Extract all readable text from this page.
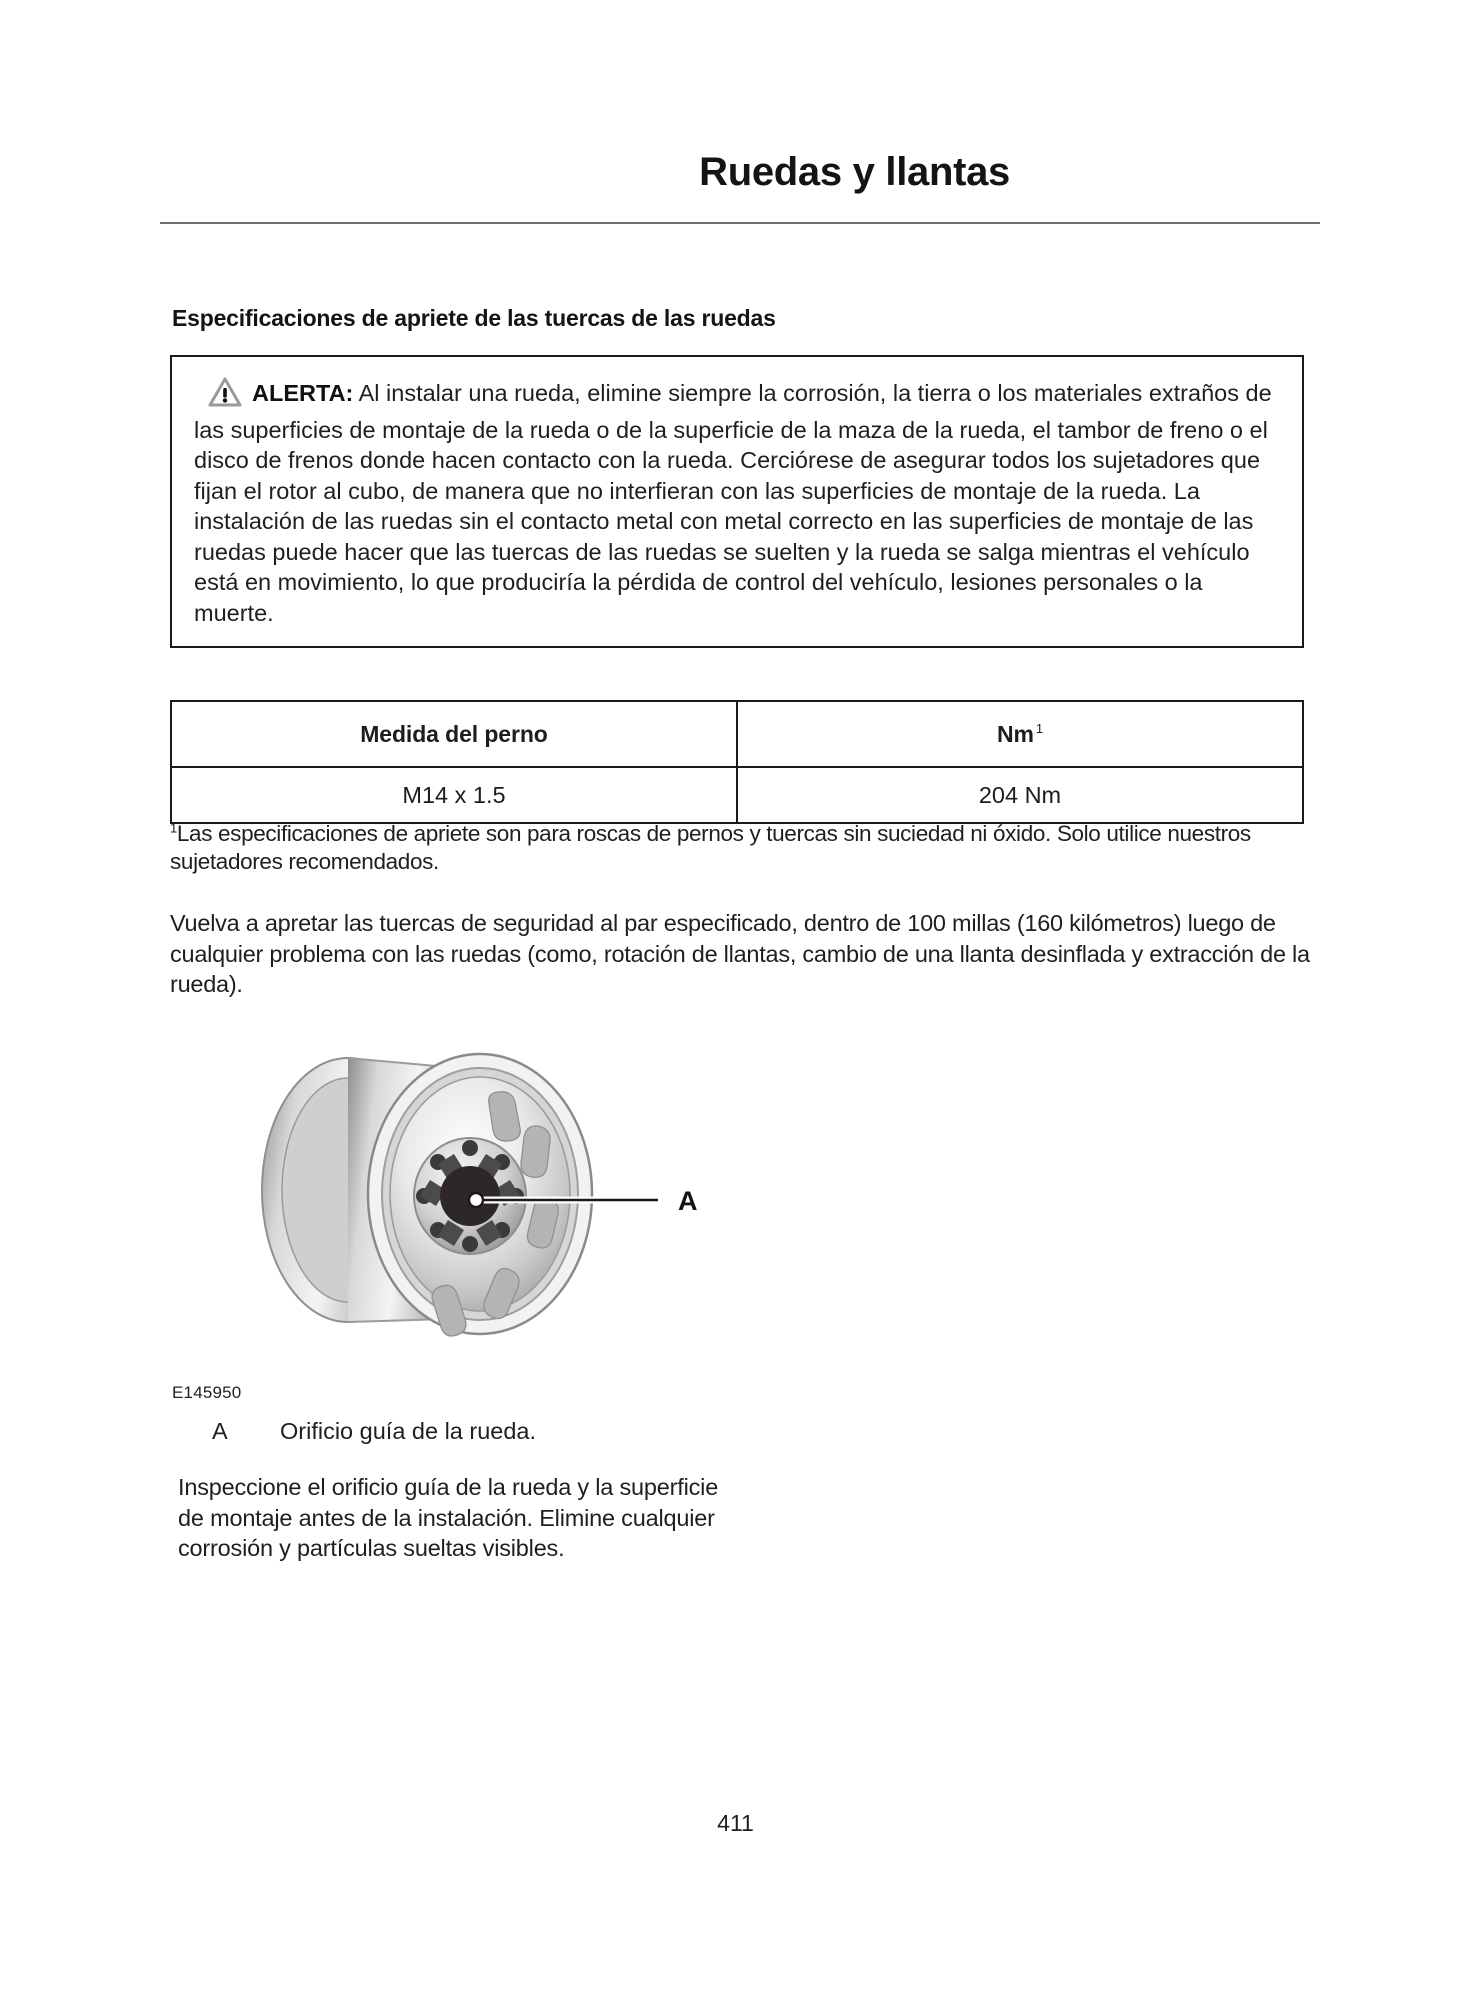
Ruedas y llantas
Especificaciones de apriete de las tuercas de las ruedas

ALERTA: Al instalar una rueda, elimine siempre la corrosión, la tierra o los materiales extraños de las superficies de montaje de la rueda o de la superficie de la maza de la rueda, el tambor de freno o el disco de frenos donde hacen contacto con la rueda. Cerciórese de asegurar todos los sujetadores que fijan el rotor al cubo, de manera que no interfieran con las superficies de montaje de la rueda. La instalación de las ruedas sin el contacto metal con metal correcto en las superficies de montaje de las ruedas puede hacer que las tuercas de las ruedas se suelten y la rueda se salga mientras el vehículo está en movimiento, lo que produciría la pérdida de control del vehículo, lesiones personales o la muerte.

Medida del perno	Nm $^1$
M14 x 1.5	204 Nm
$^1$Las especificaciones de apriete son para roscas de pernos y tuercas sin suciedad ni óxido. Solo utilice nuestros sujetadores recomendados.
Vuelva a apretar las tuercas de seguridad al par especificado, dentro de 100 millas (160 kilómetros) luego de cualquier problema con las ruedas (como, rotación de llantas, cambio de una llanta desinflada y extracción de la rueda).
A
E145950
A Orificio guía de la rueda.
Inspeccione el orificio guía de la rueda y la superficie de montaje antes de la instalación. Elimine cualquier corrosión y partículas sueltas visibles.
411
